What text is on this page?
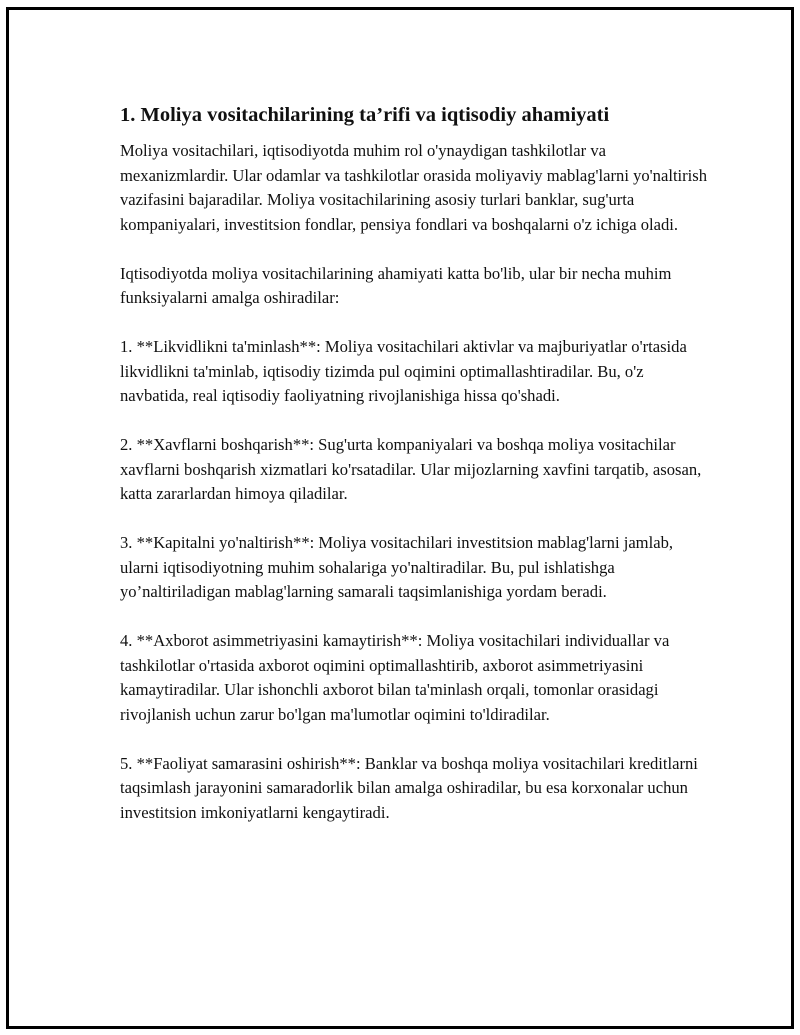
1. Moliya vositachilarining ta’rifi va iqtisodiy ahamiyati

Moliya vositachilari, iqtisodiyotda muhim rol o'ynaydigan tashkilotlar va mexanizmlardir. Ular odamlar va tashkilotlar orasida moliyaviy mablag'larni yo'naltirish vazifasini bajaradilar. Moliya vositachilarining asosiy turlari banklar, sug'urta kompaniyalari, investitsion fondlar, pensiya fondlari va boshqalarni o'z ichiga oladi.

Iqtisodiyotda moliya vositachilarining ahamiyati katta bo'lib, ular bir necha muhim funksiyalarni amalga oshiradilar:

1. **Likvidlikni ta'minlash**: Moliya vositachilari aktivlar va majburiyatlar o'rtasida likvidlikni ta'minlab, iqtisodiy tizimda pul oqimini optimallashtiradilar. Bu, o'z navbatida, real iqtisodiy faoliyatning rivojlanishiga hissa qo'shadi.

2. **Xavflarni boshqarish**: Sug'urta kompaniyalari va boshqa moliya vositachilar xavflarni boshqarish xizmatlari ko'rsatadilar. Ular mijozlarning xavfini tarqatib, asosan, katta zararlardan himoya qiladilar.

3. **Kapitalni yo'naltirish**: Moliya vositachilari investitsion mablag'larni jamlab, ularni iqtisodiyotning muhim sohalariga yo'naltiradilar. Bu, pul ishlatishga yo’naltiriladigan mablag'larning samarali taqsimlanishiga yordam beradi.

4. **Axborot asimmetriyasini kamaytirish**: Moliya vositachilari individuallar va tashkilotlar o'rtasida axborot oqimini optimallashtirib, axborot asimmetriyasini kamaytiradilar. Ular ishonchli axborot bilan ta'minlash orqali, tomonlar orasidagi rivojlanish uchun zarur bo'lgan ma'lumotlar oqimini to'ldiradilar.

5. **Faoliyat samarasini oshirish**: Banklar va boshqa moliya vositachilari kreditlarni taqsimlash jarayonini samaradorlik bilan amalga oshiradilar, bu esa korxonalar uchun investitsion imkoniyatlarni kengaytiradi.
